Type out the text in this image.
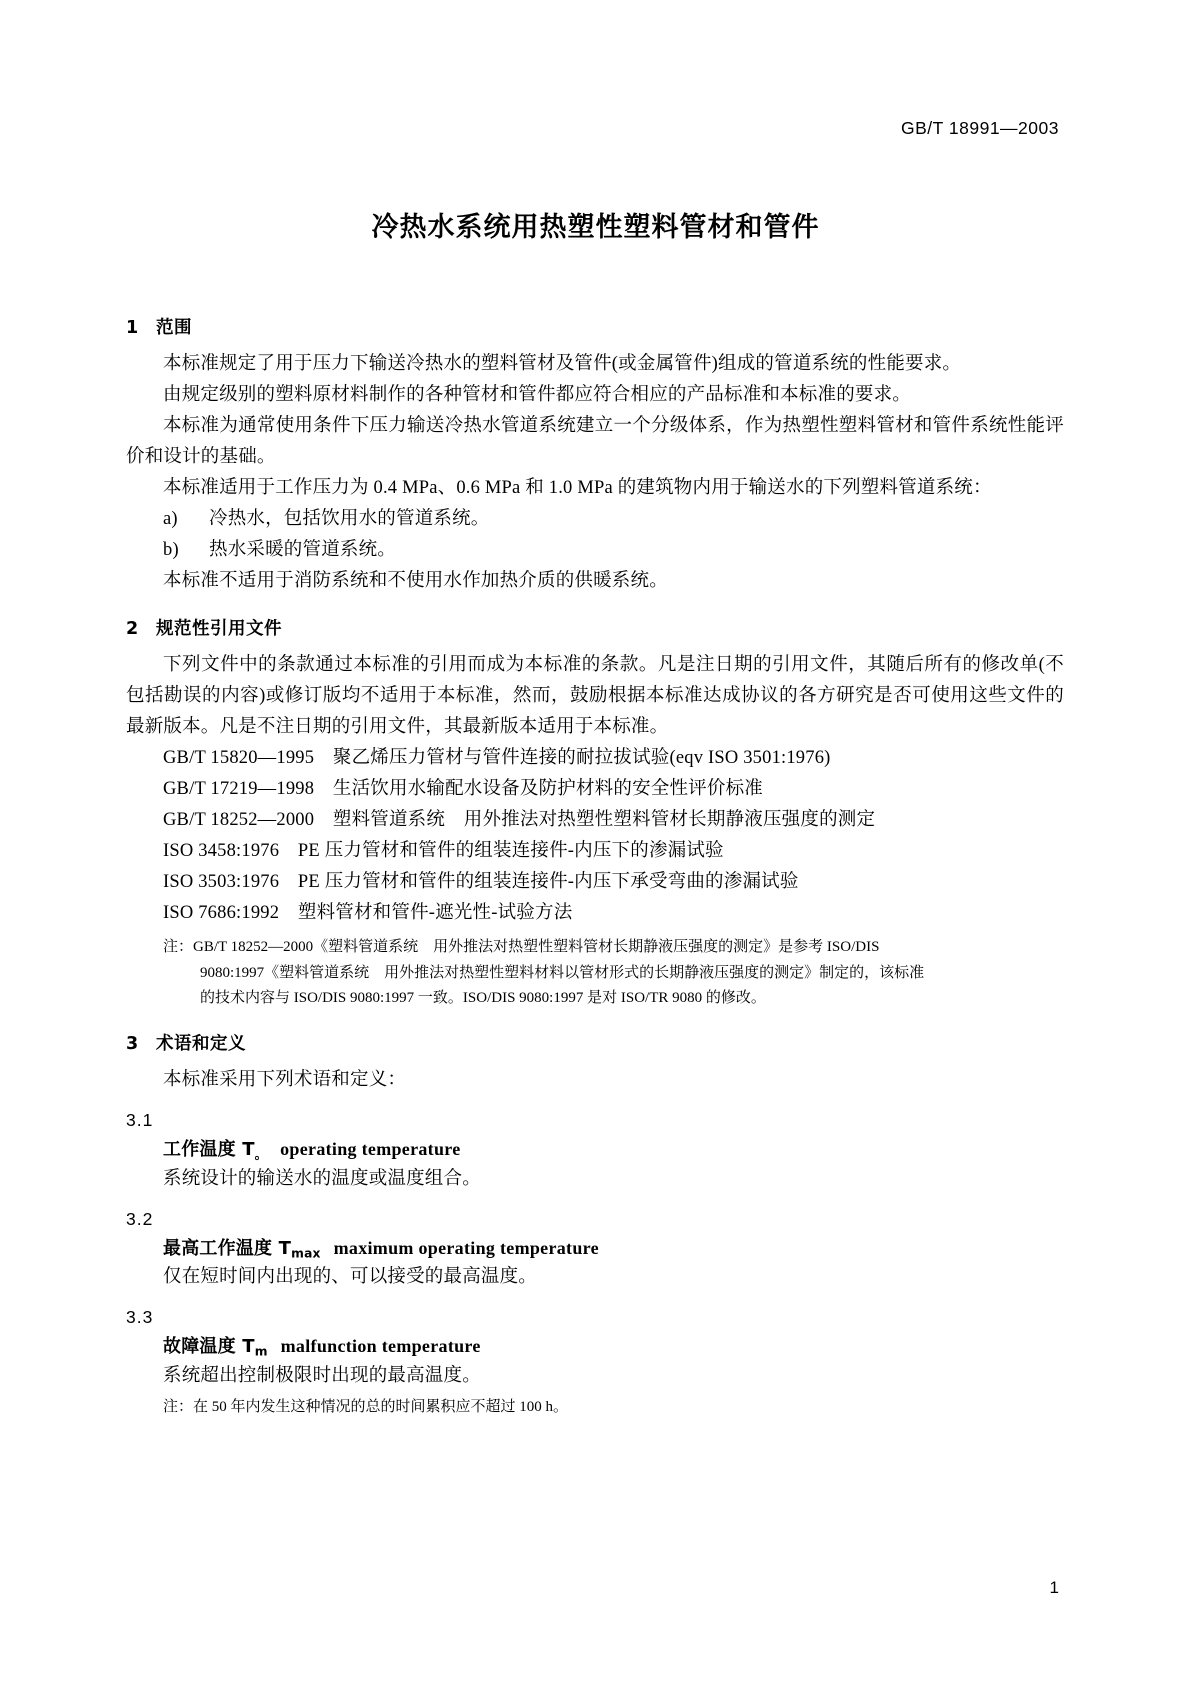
GB/T 18991—2003
冷热水系统用热塑性塑料管材和管件
1 范围

本标准规定了用于压力下输送冷热水的塑料管材及管件(或金属管件)组成的管道系统的性能要求。

由规定级别的塑料原材料制作的各种管材和管件都应符合相应的产品标准和本标准的要求。

本标准为通常使用条件下压力输送冷热水管道系统建立一个分级体系，作为热塑性塑料管材和管件系统性能评价和设计的基础。

本标准适用于工作压力为 0.4 MPa、0.6 MPa 和 1.0 MPa 的建筑物内用于输送水的下列塑料管道系统：

a) 冷热水，包括饮用水的管道系统。

b) 热水采暖的管道系统。

本标准不适用于消防系统和不使用水作加热介质的供暖系统。

2 规范性引用文件

下列文件中的条款通过本标准的引用而成为本标准的条款。凡是注日期的引用文件，其随后所有的修改单(不包括勘误的内容)或修订版均不适用于本标准，然而，鼓励根据本标准达成协议的各方研究是否可使用这些文件的最新版本。凡是不注日期的引用文件，其最新版本适用于本标准。

GB/T 15820—1995　聚乙烯压力管材与管件连接的耐拉拔试验(eqv ISO 3501:1976)

GB/T 17219—1998　生活饮用水输配水设备及防护材料的安全性评价标准

GB/T 18252—2000　塑料管道系统　用外推法对热塑性塑料管材长期静液压强度的测定

ISO 3458:1976　PE 压力管材和管件的组装连接件-内压下的渗漏试验

ISO 3503:1976　PE 压力管材和管件的组装连接件-内压下承受弯曲的渗漏试验

ISO 7686:1992　塑料管材和管件-遮光性-试验方法

注：GB/T 18252—2000《塑料管道系统　用外推法对热塑性塑料管材长期静液压强度的测定》是参考 ISO/DIS

9080:1997《塑料管道系统　用外推法对热塑性塑料材料以管材形式的长期静液压强度的测定》制定的，该标准

的技术内容与 ISO/DIS 9080:1997 一致。ISO/DIS 9080:1997 是对 ISO/TR 9080 的修改。

3 术语和定义

本标准采用下列术语和定义：

3.1
工作温度 $T_。$ operating temperature

系统设计的输送水的温度或温度组合。

3.2
最高工作温度 $T_{max}$ maximum operating temperature

仅在短时间内出现的、可以接受的最高温度。

3.3
故障温度 $T_m$ malfunction temperature

系统超出控制极限时出现的最高温度。

注：在 50 年内发生这种情况的总的时间累积应不超过 100 h。

1
